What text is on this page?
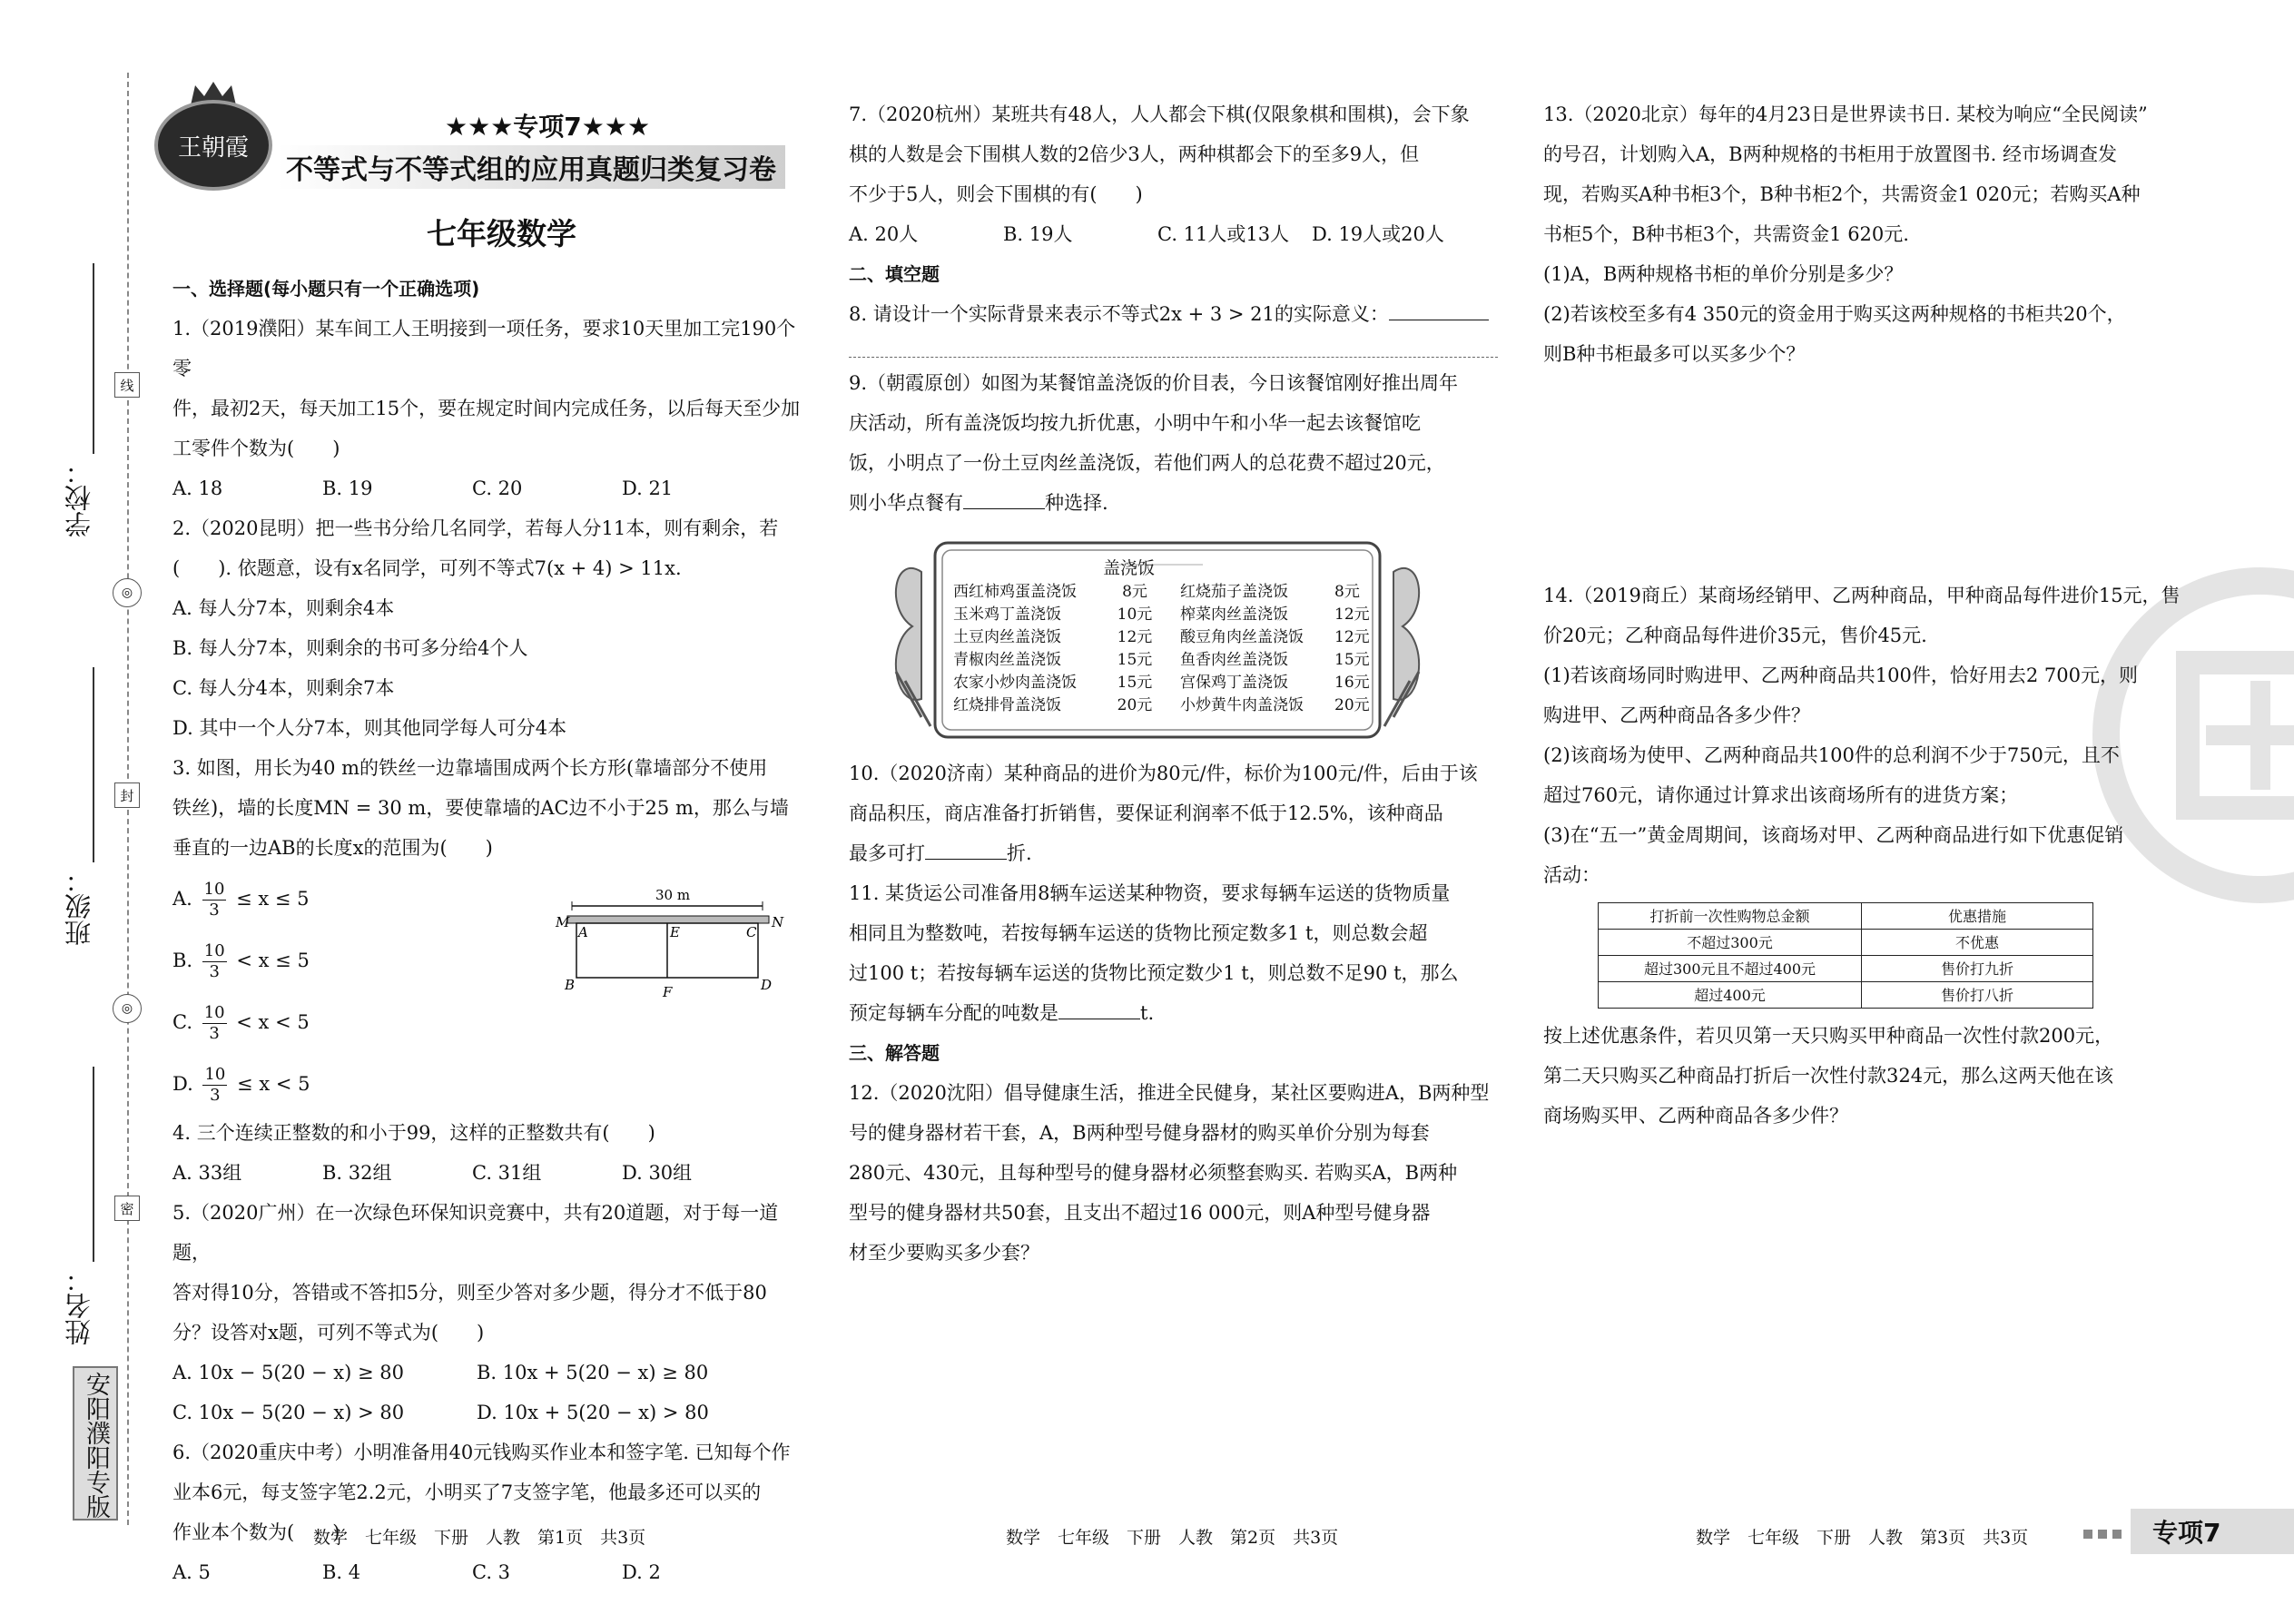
学校：
班级：
姓名：
线
封
密
◎
◎
安阳濮阳专版
王朝霞
★★★专项7★★★
不等式与不等式组的应用真题归类复习卷
七年级数学
一、选择题(每小题只有一个正确选项)

1.（2019濮阳）某车间工人王明接到一项任务，要求10天里加工完190个零

件，最初2天，每天加工15个，要在规定时间内完成任务，以后每天至少加

工零件个数为(　　)

A. 18	B. 19	C. 20	D. 21

2.（2020昆明）把一些书分给几名同学，若每人分11本，则有剩余，若

(　　). 依题意，设有x名同学，可列不等式7(x + 4) > 11x.

A. 每人分7本，则剩余4本

B. 每人分7本，则剩余的书可多分给4个人

C. 每人分4本，则剩余7本

D. 其中一个人分7本，则其他同学每人可分4本

3. 如图，用长为40 m的铁丝一边靠墙围成两个长方形(靠墙部分不使用

铁丝)，墙的长度MN = 30 m，要使靠墙的AC边不小于25 m，那么与墙

垂直的一边AB的长度x的范围为(　　)

A. $\frac{10}{3} \le x \le 5$
B. $\frac{10}{3} < x \le 5$
C. $\frac{10}{3} < x < 5$
D. $\frac{10}{3} \le x < 5$
30 m
M	N
A	E	C
B	F	D

4. 三个连续正整数的和小于99，这样的正整数共有(　　)

A. 33组	B. 32组	C. 31组	D. 30组

5.（2020广州）在一次绿色环保知识竞赛中，共有20道题，对于每一道题，

答对得10分，答错或不答扣5分，则至少答对多少题，得分才不低于80

分？设答对x题，可列不等式为(　　)

A. 10x − 5(20 − x) ≥ 80	B. 10x + 5(20 − x) ≥ 80
C. 10x − 5(20 − x) > 80	D. 10x + 5(20 − x) > 80

6.（2020重庆中考）小明准备用40元钱购买作业本和签字笔. 已知每个作

业本6元，每支签字笔2.2元，小明买了7支签字笔，他最多还可以买的

作业本个数为(　　)

A. 5	B. 4	C. 3	D. 2

7.（2020杭州）某班共有48人，人人都会下棋(仅限象棋和围棋)，会下象

棋的人数是会下围棋人数的2倍少3人，两种棋都会下的至多9人，但

不少于5人，则会下围棋的有(　　)

A. 20人	B. 19人	C. 11人或13人	D. 19人或20人
二、填空题

8. 请设计一个实际背景来表示不等式2x + 3 > 21的实际意义：

9.（朝霞原创）如图为某餐馆盖浇饭的价目表，今日该餐馆刚好推出周年

庆活动，所有盖浇饭均按九折优惠，小明中午和小华一起去该餐馆吃

饭，小明点了一份土豆肉丝盖浇饭，若他们两人的总花费不超过20元，

则小华点餐有	种选择.

盖浇饭
西红柿鸡蛋盖浇饭	8元	红烧茄子盖浇饭	8元
玉米鸡丁盖浇饭	10元	榨菜肉丝盖浇饭	12元
土豆肉丝盖浇饭	12元	酸豆角肉丝盖浇饭	12元
青椒肉丝盖浇饭	15元	鱼香肉丝盖浇饭	15元
农家小炒肉盖浇饭	15元	宫保鸡丁盖浇饭	16元
红烧排骨盖浇饭	20元	小炒黄牛肉盖浇饭	20元

10.（2020济南）某种商品的进价为80元/件，标价为100元/件，后由于该

商品积压，商店准备打折销售，要保证利润率不低于12.5%，该种商品

最多可打	折.

11. 某货运公司准备用8辆车运送某种物资，要求每辆车运送的货物质量

相同且为整数吨，若按每辆车运送的货物比预定数多1 t，则总数会超

过100 t；若按每辆车运送的货物比预定数少1 t，则总数不足90 t，那么

预定每辆车分配的吨数是	t.

三、解答题

12.（2020沈阳）倡导健康生活，推进全民健身，某社区要购进A，B两种型

号的健身器材若干套，A，B两种型号健身器材的购买单价分别为每套

280元、430元，且每种型号的健身器材必须整套购买. 若购买A，B两种

型号的健身器材共50套，且支出不超过16 000元，则A种型号健身器

材至少要购买多少套？

13.（2020北京）每年的4月23日是世界读书日. 某校为响应“全民阅读”

的号召，计划购入A，B两种规格的书柜用于放置图书. 经市场调查发

现，若购买A种书柜3个，B种书柜2个，共需资金1 020元；若购买A种

书柜5个，B种书柜3个，共需资金1 620元.

(1)A，B两种规格书柜的单价分别是多少？

(2)若该校至多有4 350元的资金用于购买这两种规格的书柜共20个，

则B种书柜最多可以买多少个？

14.（2019商丘）某商场经销甲、乙两种商品，甲种商品每件进价15元，售

价20元；乙种商品每件进价35元，售价45元.

(1)若该商场同时购进甲、乙两种商品共100件，恰好用去2 700元，则

购进甲、乙两种商品各多少件？

(2)该商场为使甲、乙两种商品共100件的总利润不少于750元，且不

超过760元，请你通过计算求出该商场所有的进货方案；

(3)在“五一”黄金周期间，该商场对甲、乙两种商品进行如下优惠促销

活动：

打折前一次性购物总金额	优惠措施
不超过300元	不优惠
超过300元且不超过400元	售价打九折
超过400元	售价打八折

按上述优惠条件，若贝贝第一天只购买甲种商品一次性付款200元，

第二天只购买乙种商品打折后一次性付款324元，那么这两天他在该

商场购买甲、乙两种商品各多少件？

数学　七年级　下册　人教　第1页　共3页	数学　七年级　下册　人教　第2页　共3页	数学　七年级　下册　人教　第3页　共3页	专项7
